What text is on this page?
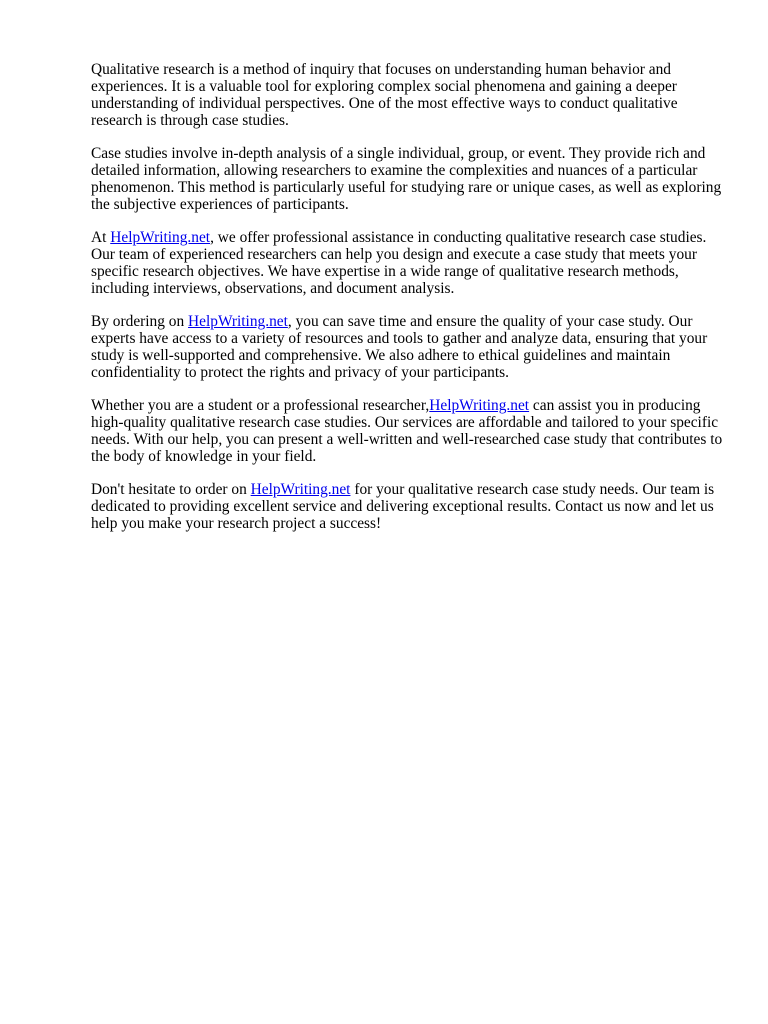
Qualitative research is a method of inquiry that focuses on understanding human behavior and experiences. It is a valuable tool for exploring complex social phenomena and gaining a deeper understanding of individual perspectives. One of the most effective ways to conduct qualitative research is through case studies.

Case studies involve in-depth analysis of a single individual, group, or event. They provide rich and detailed information, allowing researchers to examine the complexities and nuances of a particular phenomenon. This method is particularly useful for studying rare or unique cases, as well as exploring the subjective experiences of participants.

At HelpWriting.net, we offer professional assistance in conducting qualitative research case studies. Our team of experienced researchers can help you design and execute a case study that meets your specific research objectives. We have expertise in a wide range of qualitative research methods, including interviews, observations, and document analysis.

By ordering on HelpWriting.net, you can save time and ensure the quality of your case study. Our experts have access to a variety of resources and tools to gather and analyze data, ensuring that your study is well-supported and comprehensive. We also adhere to ethical guidelines and maintain confidentiality to protect the rights and privacy of your participants.

Whether you are a student or a professional researcher,HelpWriting.net can assist you in producing high-quality qualitative research case studies. Our services are affordable and tailored to your specific needs. With our help, you can present a well-written and well-researched case study that contributes to the body of knowledge in your field.

Don't hesitate to order on HelpWriting.net for your qualitative research case study needs. Our team is dedicated to providing excellent service and delivering exceptional results. Contact us now and let us help you make your research project a success!
